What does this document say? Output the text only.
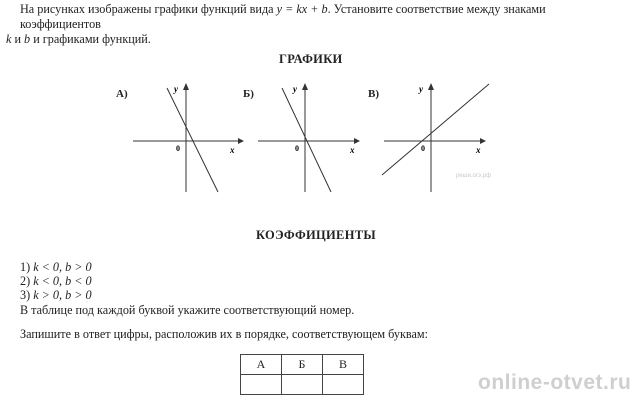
На рисунках изображены графики функций вида y = kx + b. Установите соответствие между знаками коэффициентов
k и b и графиками функций.
ГРАФИКИ
А)	Б)	В)
y
x
0
y
x
0
y
x
0
реши.огэ.рф
КОЭФФИЦИЕНТЫ
1) k < 0, b > 0
2) k < 0, b < 0
3) k > 0, b > 0
В таблице под каждой буквой укажите соответствующий номер.
Запишите в ответ цифры, расположив их в порядке, соответствующем буквам:
А	Б	В

online-otvet.ru
